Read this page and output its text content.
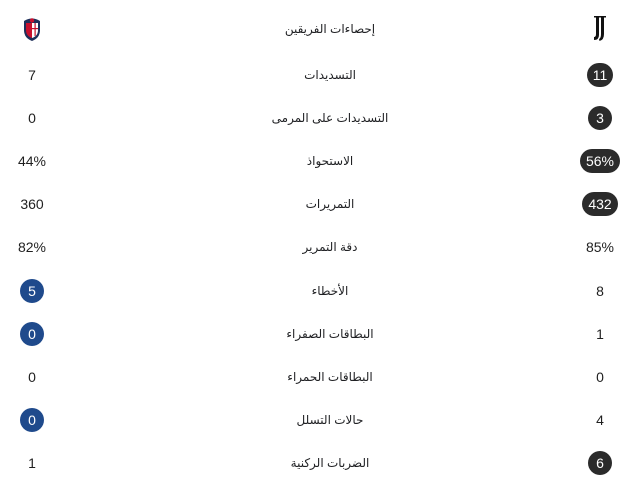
إحصاءات الفريقين
11
التسديدات
7
3
التسديدات على المرمى
0
56%
الاستحواذ
44%
432
التمريرات
360
85%
دقة التمرير
82%
8
الأخطاء
5
1
البطاقات الصفراء
0
0
البطاقات الحمراء
0
4
حالات التسلل
0
6
الضربات الركنية
1
